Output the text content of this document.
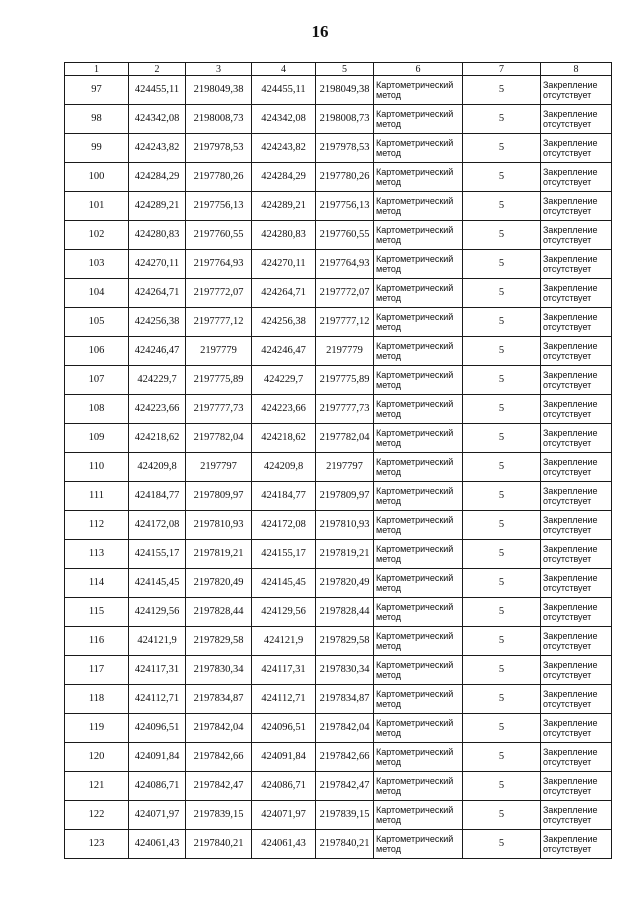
16
1	2	3	4	5	6	7	8
97	424455,11	2198049,38	424455,11	2198049,38	Картометрический метод	5	Закрепление отсутствует
98	424342,08	2198008,73	424342,08	2198008,73	Картометрический метод	5	Закрепление отсутствует
99	424243,82	2197978,53	424243,82	2197978,53	Картометрический метод	5	Закрепление отсутствует
100	424284,29	2197780,26	424284,29	2197780,26	Картометрический метод	5	Закрепление отсутствует
101	424289,21	2197756,13	424289,21	2197756,13	Картометрический метод	5	Закрепление отсутствует
102	424280,83	2197760,55	424280,83	2197760,55	Картометрический метод	5	Закрепление отсутствует
103	424270,11	2197764,93	424270,11	2197764,93	Картометрический метод	5	Закрепление отсутствует
104	424264,71	2197772,07	424264,71	2197772,07	Картометрический метод	5	Закрепление отсутствует
105	424256,38	2197777,12	424256,38	2197777,12	Картометрический метод	5	Закрепление отсутствует
106	424246,47	2197779	424246,47	2197779	Картометрический метод	5	Закрепление отсутствует
107	424229,7	2197775,89	424229,7	2197775,89	Картометрический метод	5	Закрепление отсутствует
108	424223,66	2197777,73	424223,66	2197777,73	Картометрический метод	5	Закрепление отсутствует
109	424218,62	2197782,04	424218,62	2197782,04	Картометрический метод	5	Закрепление отсутствует
110	424209,8	2197797	424209,8	2197797	Картометрический метод	5	Закрепление отсутствует
111	424184,77	2197809,97	424184,77	2197809,97	Картометрический метод	5	Закрепление отсутствует
112	424172,08	2197810,93	424172,08	2197810,93	Картометрический метод	5	Закрепление отсутствует
113	424155,17	2197819,21	424155,17	2197819,21	Картометрический метод	5	Закрепление отсутствует
114	424145,45	2197820,49	424145,45	2197820,49	Картометрический метод	5	Закрепление отсутствует
115	424129,56	2197828,44	424129,56	2197828,44	Картометрический метод	5	Закрепление отсутствует
116	424121,9	2197829,58	424121,9	2197829,58	Картометрический метод	5	Закрепление отсутствует
117	424117,31	2197830,34	424117,31	2197830,34	Картометрический метод	5	Закрепление отсутствует
118	424112,71	2197834,87	424112,71	2197834,87	Картометрический метод	5	Закрепление отсутствует
119	424096,51	2197842,04	424096,51	2197842,04	Картометрический метод	5	Закрепление отсутствует
120	424091,84	2197842,66	424091,84	2197842,66	Картометрический метод	5	Закрепление отсутствует
121	424086,71	2197842,47	424086,71	2197842,47	Картометрический метод	5	Закрепление отсутствует
122	424071,97	2197839,15	424071,97	2197839,15	Картометрический метод	5	Закрепление отсутствует
123	424061,43	2197840,21	424061,43	2197840,21	Картометрический метод	5	Закрепление отсутствует
